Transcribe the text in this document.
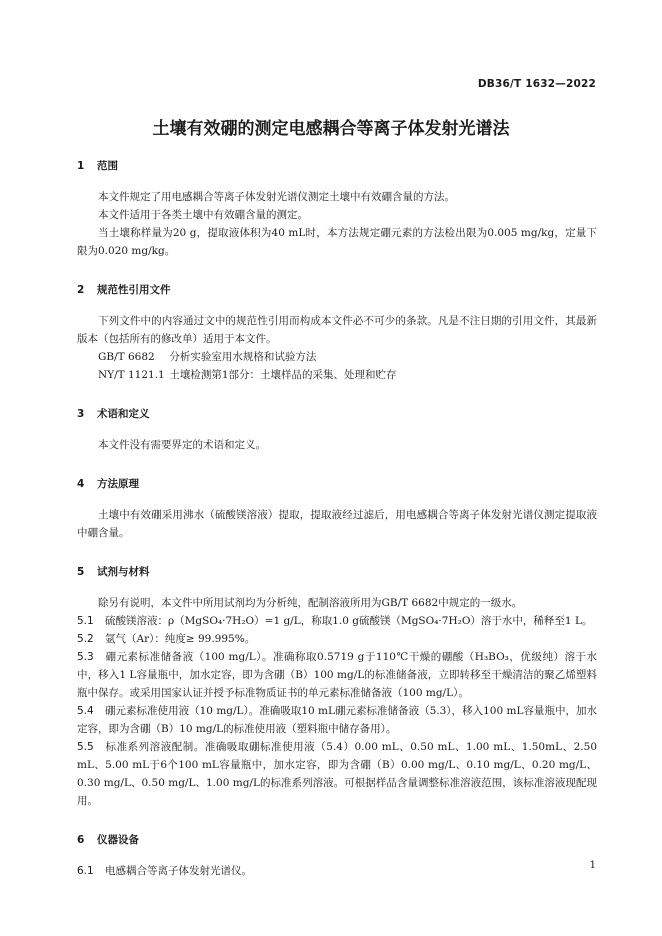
DB36/T 1632—2022
土壤有效硼的测定电感耦合等离子体发射光谱法
1 范围

本文件规定了用电感耦合等离子体发射光谱仪测定土壤中有效硼含量的方法。

本文件适用于各类土壤中有效硼含量的测定。

当土壤称样量为20 g，提取液体积为40 mL时，本方法规定硼元素的方法检出限为0.005 mg/kg，定量下限为0.020 mg/kg。

2 规范性引用文件

下列文件中的内容通过文中的规范性引用而构成本文件必不可少的条款。凡是不注日期的引用文件，其最新版本（包括所有的修改单）适用于本文件。

GB/T 6682 分析实验室用水规格和试验方法

NY/T 1121.1 土壤检测第1部分：土壤样品的采集、处理和贮存

3 术语和定义

本文件没有需要界定的术语和定义。

4 方法原理

土壤中有效硼采用沸水（硫酸镁溶液）提取，提取液经过滤后，用电感耦合等离子体发射光谱仪测定提取液中硼含量。

5 试剂与材料

除另有说明，本文件中所用试剂均为分析纯，配制溶液所用为GB/T 6682中规定的一级水。

5.1 硫酸镁溶液：ρ（MgSO₄·7H₂O）=1 g/L，称取1.0 g硫酸镁（MgSO₄·7H₂O）溶于水中，稀释至1 L。

5.2 氩气（Ar）：纯度≥ 99.995%。

5.3 硼元素标准储备液（100 mg/L）。准确称取0.5719 g于110℃干燥的硼酸（H₃BO₃，优级纯）溶于水中，移入1 L容量瓶中，加水定容，即为含硼（B）100 mg/L的标准储备液，立即转移至干燥清洁的聚乙烯塑料瓶中保存。或采用国家认证并授予标准物质证书的单元素标准储备液（100 mg/L）。

5.4 硼元素标准使用液（10 mg/L）。准确吸取10 mL硼元素标准储备液（5.3），移入100 mL容量瓶中，加水定容，即为含硼（B）10 mg/L的标准使用液（塑料瓶中储存备用）。

5.5 标准系列溶液配制。准确吸取硼标准使用液（5.4）0.00 mL、0.50 mL、1.00 mL、1.50mL、2.50 mL、5.00 mL于6个100 mL容量瓶中，加水定容，即为含硼（B）0.00 mg/L、0.10 mg/L、0.20 mg/L、0.30 mg/L、0.50 mg/L、1.00 mg/L的标准系列溶液。可根据样品含量调整标准溶液范围，该标准溶液现配现用。

6 仪器设备

6.1 电感耦合等离子体发射光谱仪。	1
